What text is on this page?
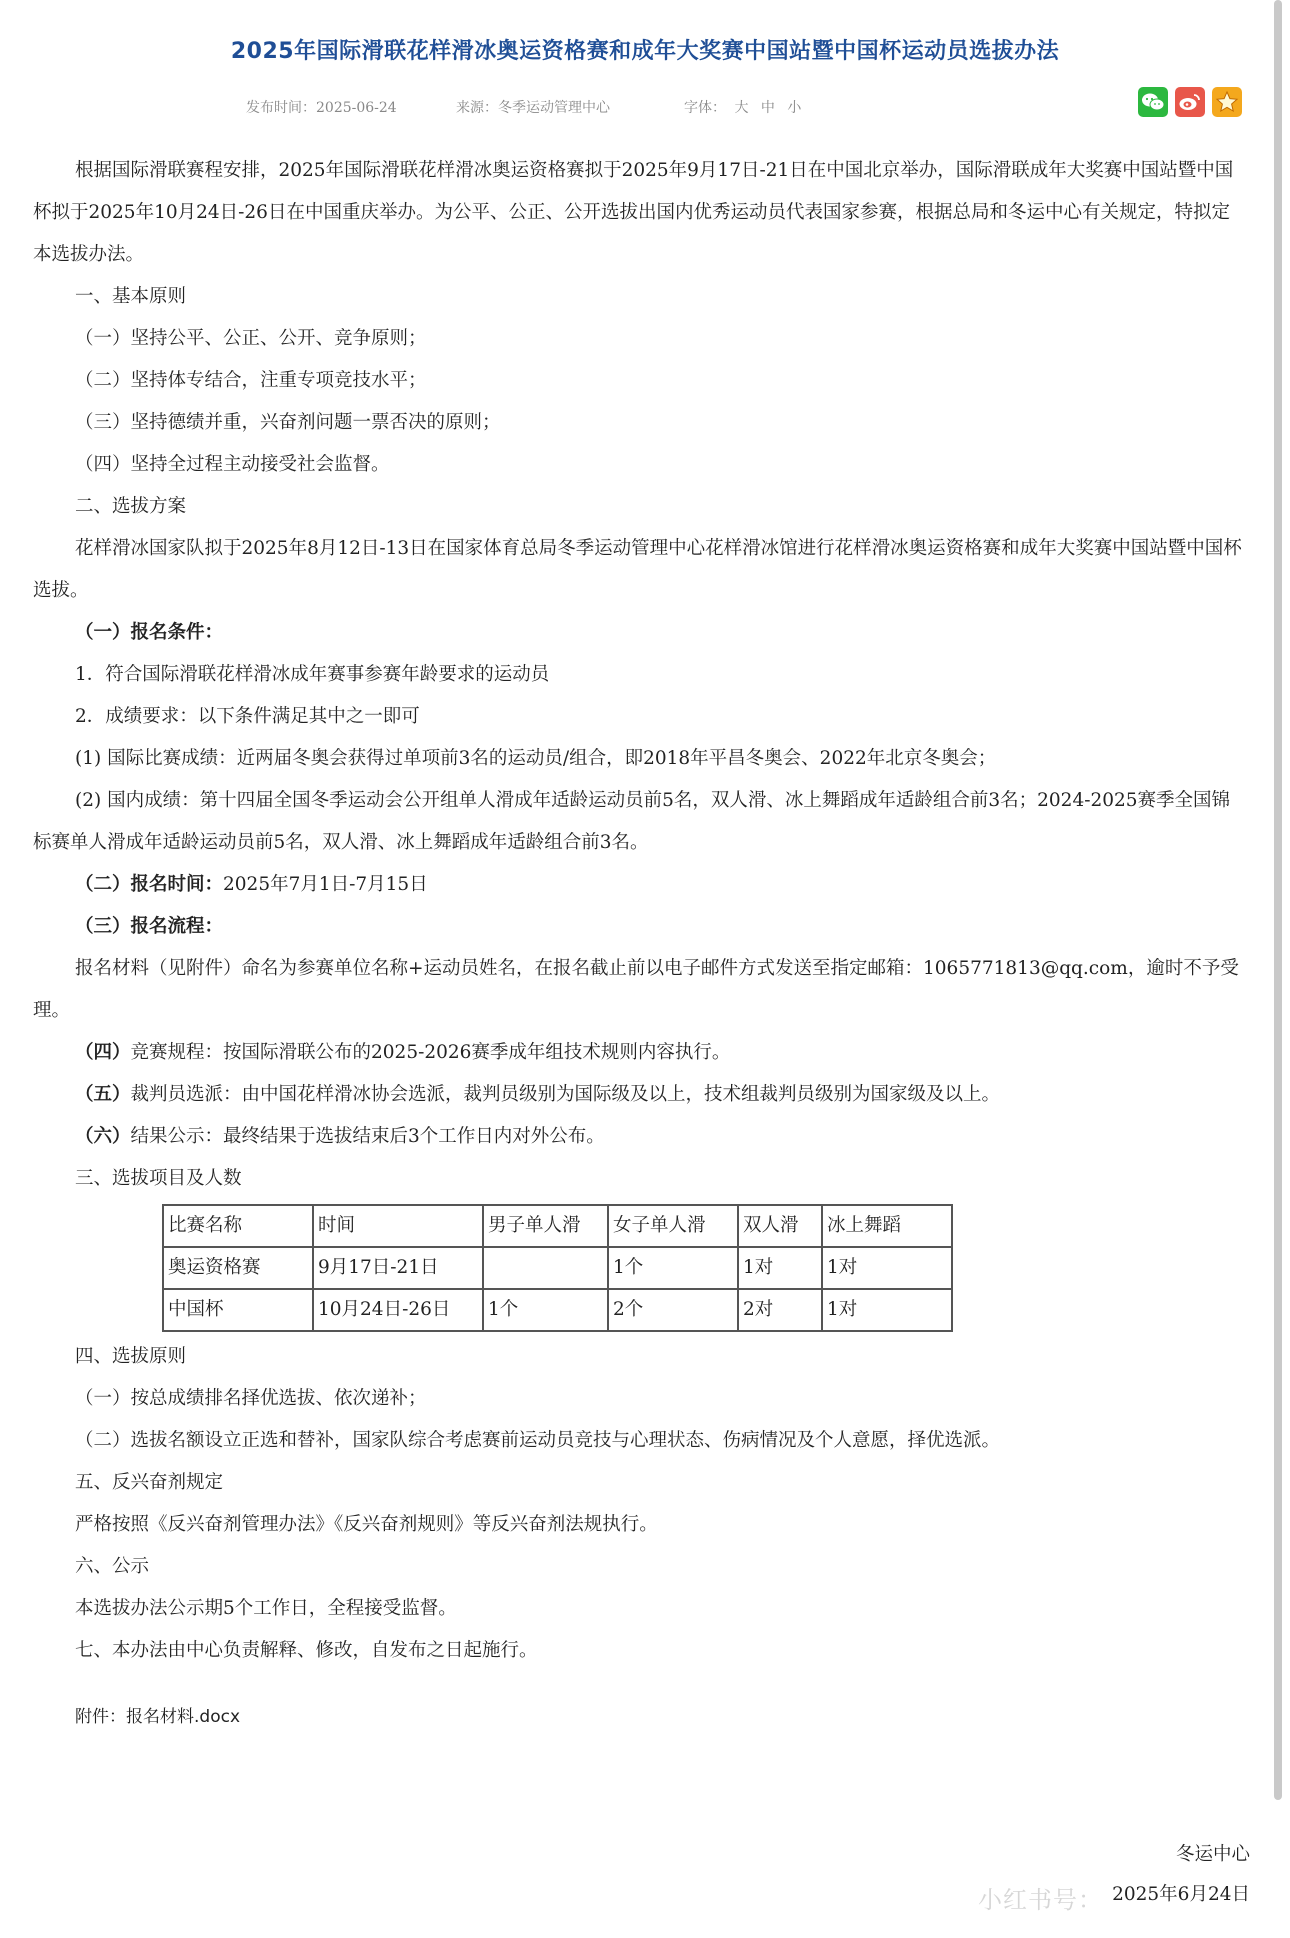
2025年国际滑联花样滑冰奥运资格赛和成年大奖赛中国站暨中国杯运动员选拔办法
发布时间：2025-06-24	来源：冬季运动管理中心	字体： 大 中 小

根据国际滑联赛程安排，2025年国际滑联花样滑冰奥运资格赛拟于2025年9月17日-21日在中国北京举办，国际滑联成年大奖赛中国站暨中国杯拟于2025年10月24日-26日在中国重庆举办。为公平、公正、公开选拔出国内优秀运动员代表国家参赛，根据总局和冬运中心有关规定，特拟定本选拔办法。

一、基本原则

（一）坚持公平、公正、公开、竞争原则；

（二）坚持体专结合，注重专项竞技水平；

（三）坚持德绩并重，兴奋剂问题一票否决的原则；

（四）坚持全过程主动接受社会监督。

二、选拔方案

花样滑冰国家队拟于2025年8月12日-13日在国家体育总局冬季运动管理中心花样滑冰馆进行花样滑冰奥运资格赛和成年大奖赛中国站暨中国杯选拔。

（一）报名条件：

1．符合国际滑联花样滑冰成年赛事参赛年龄要求的运动员

2．成绩要求：以下条件满足其中之一即可

(1) 国际比赛成绩：近两届冬奥会获得过单项前3名的运动员/组合，即2018年平昌冬奥会、2022年北京冬奥会；

(2) 国内成绩：第十四届全国冬季运动会公开组单人滑成年适龄运动员前5名，双人滑、冰上舞蹈成年适龄组合前3名；2024-2025赛季全国锦标赛单人滑成年适龄运动员前5名，双人滑、冰上舞蹈成年适龄组合前3名。

（二）报名时间：2025年7月1日-7月15日

（三）报名流程：

报名材料（见附件）命名为参赛单位名称+运动员姓名，在报名截止前以电子邮件方式发送至指定邮箱：1065771813@qq.com，逾时不予受理。

（四）竞赛规程：按国际滑联公布的2025-2026赛季成年组技术规则内容执行。

（五）裁判员选派：由中国花样滑冰协会选派，裁判员级别为国际级及以上，技术组裁判员级别为国家级及以上。

（六）结果公示：最终结果于选拔结束后3个工作日内对外公布。

三、选拔项目及人数

比赛名称	时间	男子单人滑	女子单人滑	双人滑	冰上舞蹈
奥运资格赛	9月17日-21日		1个	1对	1对
中国杯	10月24日-26日	1个	2个	2对	1对

四、选拔原则

（一）按总成绩排名择优选拔、依次递补；

（二）选拔名额设立正选和替补，国家队综合考虑赛前运动员竞技与心理状态、伤病情况及个人意愿，择优选派。

五、反兴奋剂规定

严格按照《反兴奋剂管理办法》《反兴奋剂规则》等反兴奋剂法规执行。

六、公示

本选拔办法公示期5个工作日，全程接受监督。

七、本办法由中心负责解释、修改，自发布之日起施行。

附件：报名材料.docx

冬运中心
2025年6月24日
小红书号：
